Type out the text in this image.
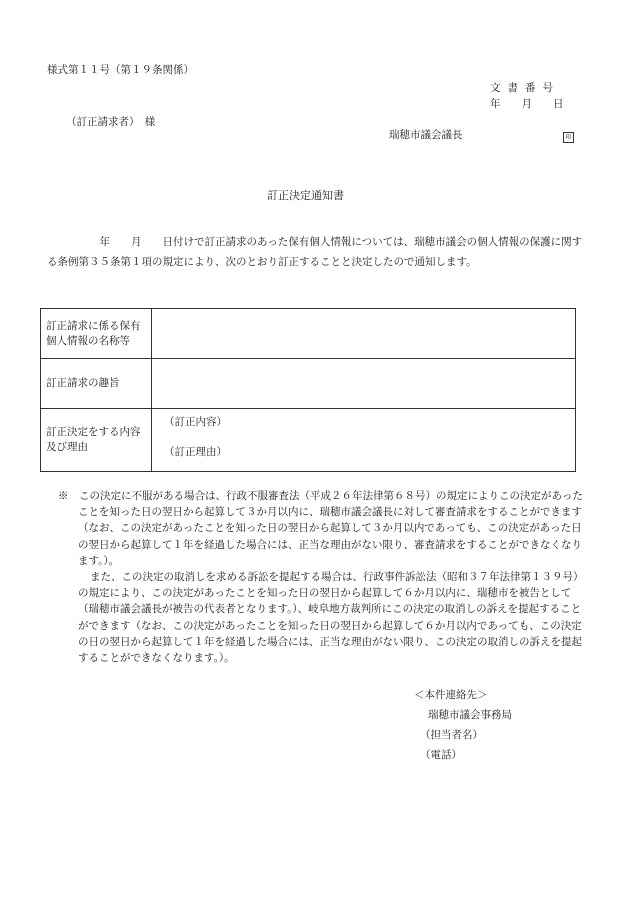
様式第１１号（第１９条関係）
文書番号
年　　月　　日
（訂正請求者）　様
瑞穂市議会議長	印
訂正決定通知書

　　　　　年　　月　　日付けで訂正請求のあった保有個人情報については、瑞穂市議会の個人情報の保護に関する条例第３５条第１項の規定により、次のとおり訂正することと決定したので通知します。

訂正請求に係る保有個人情報の名称等	
訂正請求の趣旨	
訂正決定をする内容及び理由	（訂正内容）
（訂正理由）

※　この決定に不服がある場合は、行政不服審査法（平成２６年法律第６８号）の規定によりこの決定があったことを知った日の翌日から起算して３か月以内に、瑞穂市議会議長に対して審査請求をすることができます（なお、この決定があったことを知った日の翌日から起算して３か月以内であっても、この決定があった日の翌日から起算して１年を経過した場合には、正当な理由がない限り、審査請求をすることができなくなります。）。

また、この決定の取消しを求める訴訟を提起する場合は、行政事件訴訟法（昭和３７年法律第１３９号）の規定により、この決定があったことを知った日の翌日から起算して６か月以内に、瑞穂市を被告として（瑞穂市議会議長が被告の代表者となります。）、岐阜地方裁判所にこの決定の取消しの訴えを提起することができます（なお、この決定があったことを知った日の翌日から起算して６か月以内であっても、この決定の日の翌日から起算して１年を経過した場合には、正当な理由がない限り、この決定の取消しの訴えを提起することができなくなります。）。

＜本件連絡先＞
瑞穂市議会事務局
（担当者名）
（電話）
